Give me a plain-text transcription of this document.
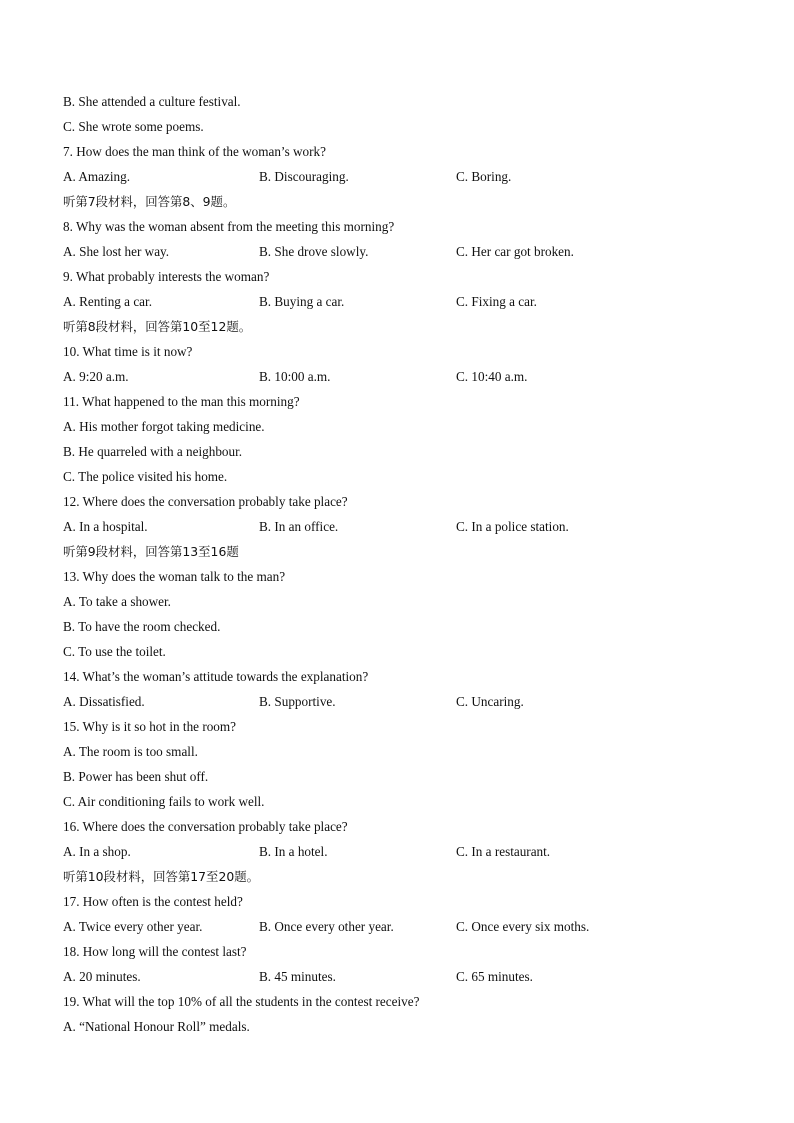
B. She attended a culture festival.
C. She wrote some poems.
7. How does the man think of the woman’s work?
A. Amazing.	B. Discouraging.	C. Boring.
听第7段材料，回答第8、9题。
8. Why was the woman absent from the meeting this morning?
A. She lost her way.	B. She drove slowly.	C. Her car got broken.
9. What probably interests the woman?
A. Renting a car.	B. Buying a car.	C. Fixing a car.
听第8段材料，回答第10至12题。
10. What time is it now?
A. 9:20 a.m.	B. 10:00 a.m.	C. 10:40 a.m.
11. What happened to the man this morning?
A. His mother forgot taking medicine.
B. He quarreled with a neighbour.
C. The police visited his home.
12. Where does the conversation probably take place?
A. In a hospital.	B. In an office.	C. In a police station.
听第9段材料，回答第13至16题
13. Why does the woman talk to the man?
A. To take a shower.
B. To have the room checked.
C. To use the toilet.
14. What’s the woman’s attitude towards the explanation?
A. Dissatisfied.	B. Supportive.	C. Uncaring.
15. Why is it so hot in the room?
A. The room is too small.
B. Power has been shut off.
C. Air conditioning fails to work well.
16. Where does the conversation probably take place?
A. In a shop.	B. In a hotel.	C. In a restaurant.
听第10段材料，回答第17至20题。
17. How often is the contest held?
A. Twice every other year.	B. Once every other year.	C. Once every six moths.
18. How long will the contest last?
A. 20 minutes.	B. 45 minutes.	C. 65 minutes.
19. What will the top 10% of all the students in the contest receive?
A. “National Honour Roll” medals.
